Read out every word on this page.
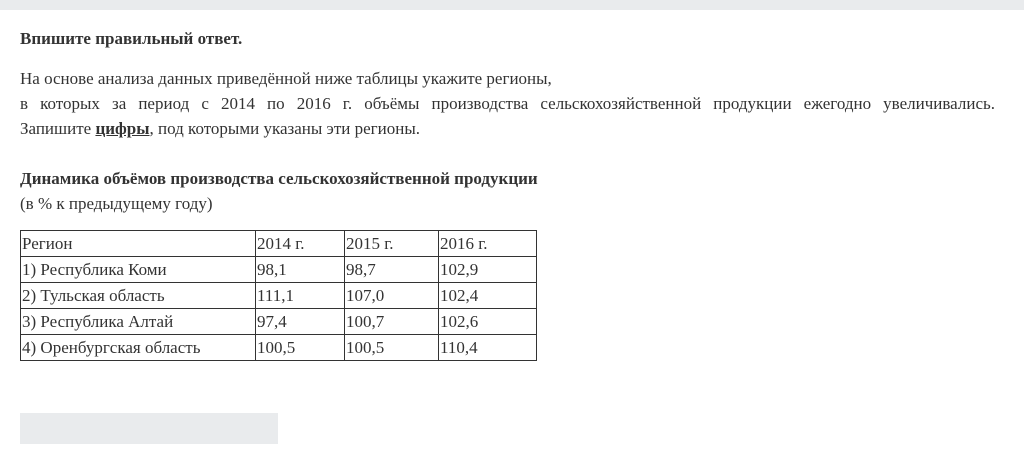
Впишите правильный ответ.

На основе анализа данных приведённой ниже таблицы укажите регионы,

в которых за период с 2014 по 2016 г. объёмы производства сельскохозяйственной продукции ежегодно увеличивались.

Запишите цифры, под которыми указаны эти регионы.

Динамика объёмов производства сельскохозяйственной продукции
(в % к предыдущему году)
Регион	2014 г.	2015 г.	2016 г.
1) Республика Коми	98,1	98,7	102,9
2) Тульская область	111,1	107,0	102,4
3) Республика Алтай	97,4	100,7	102,6
4) Оренбургская область	100,5	100,5	110,4
